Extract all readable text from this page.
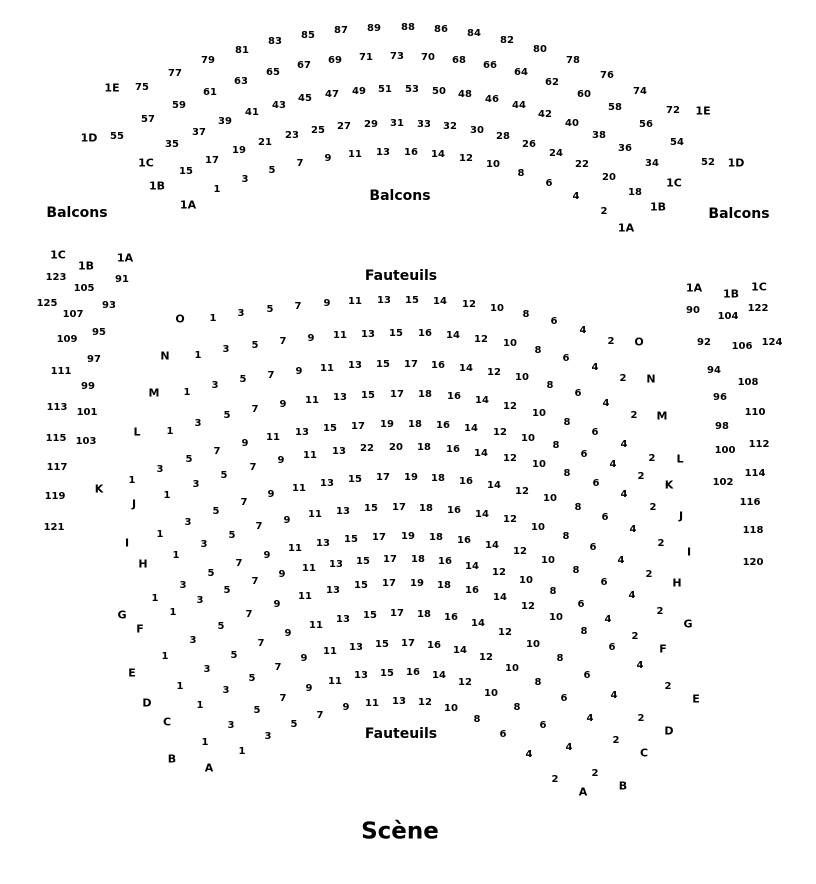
Balcons
Balcons
Balcons
Fauteuils
Fauteuils
Scène
1E
1E
75
77
79
81
83
85 87 89 88 86 84
82
80
78
76
74
72
1D
1D
55
57
59
61
63
65
67 69 71 73 70 68 66
64
62
60
58
56
54
52
1C
1C
35
37
39
41
43
45 47 49 51 53 50 48 46
44
42
40
38
36
34
1B
1B
15
17
19
21
23 25 27 29 31 33 32 30
28
26
24
22
20
18
1A
1A
1
3
5
7 9 11 13 16 14 12
10
8
6
4
2
O
O
1 3 5 7 9 11 13 15 14 12 10
8
6
4
2
N
N
1
3 5 7 9 11 13 15 16 14 12 10
8
6
4
2
M
M
1
3
5 7 9 11 13 15 17 16 14 12 10
8
6
4
2
L
L
1
3
5
7 9 11 13 15 17 18 16 14
12
10
8
6
4
2
K	K
1
3
5
7
9
11 13 15 17 19 18 16 14 12
10
8
6
4
2
J
J
1
3
5
7
9 11 13 22 20 18 16 14 12
10
8
6
4
2
I
I
1
3
5
7
9
11 13 15 17 19 18 16 14
12
10
8
6
4
2
H
H
1
3
5
7
9
11 13 15 17 18 16 14 12
10
8
6
4
2
G
G
1
3
5
7
9
11 13 15 17 19 18 16 14
12
10
8
6
4
2
F
F
1
3
5
7
9
11 13 15 17 18 16 14
12
10
8
6
4
2
E
E
1
3
5
7
9
11
13 15 17 19 18 16
14
12
10
8
6
4
2
D
D
1
3
5
7
9
11
13 15 17 18 16
14
12
10
8
6
4
2
C
C
1
3
5
7
9
11 13 15 17 16 14
12
10
8
6
4
2
B
B
1
3
5
7
9
11
13 15 16 14
12
10
8
6
4
2
A
A
1
3
5
7
9 11 13 12
10
8
6
4
2
1C
1B
1A
123
105
91
125
107
93
109
95
111
97
99
113 101
115 103
117
119
121
1A 1B
1C
90
104
122
92 106 124
94
108
96
110
98
112
100
114
102
116
118
120
